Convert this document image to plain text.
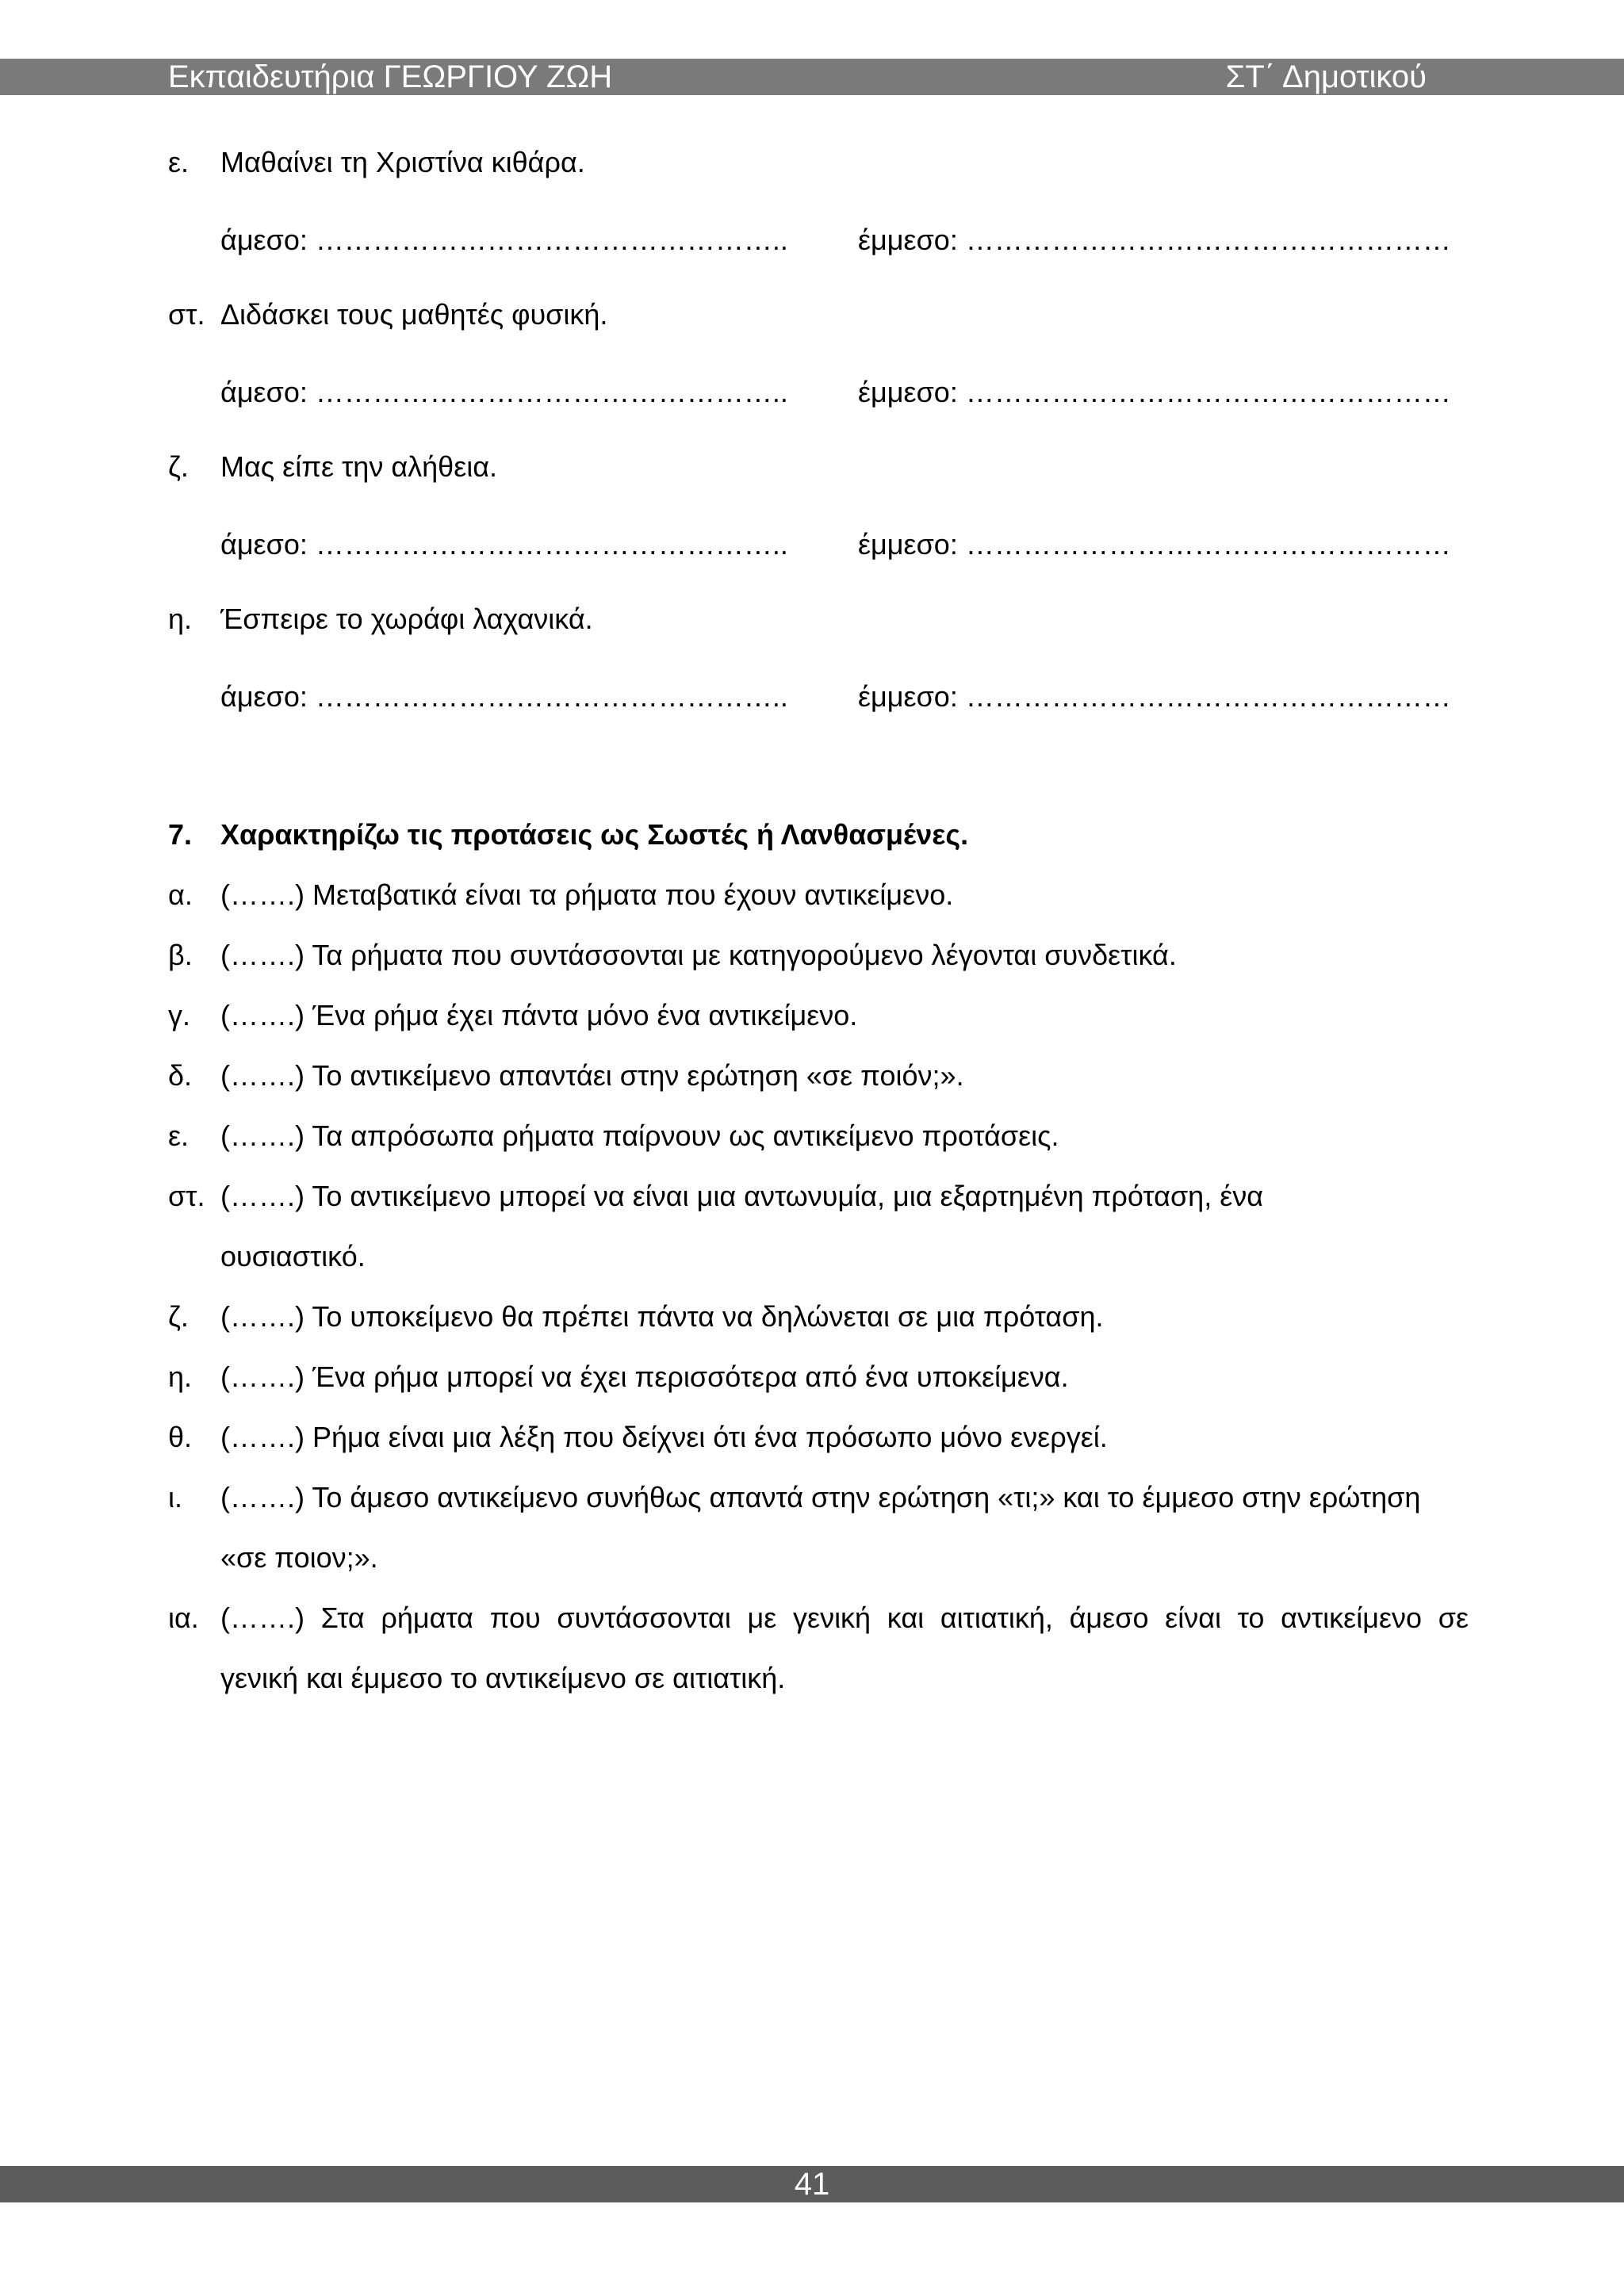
Εκπαιδευτήρια ΓΕΩΡΓΙΟΥ ΖΩΗ	ΣΤ΄ Δημοτικού
ε. Μαθαίνει τη Χριστίνα κιθάρα.
άμεσο: ………………………………………….. έμμεσο: ……………………………………………
στ. Διδάσκει τους μαθητές φυσική.
άμεσο: ………………………………………….. έμμεσο: ……………………………………………
ζ. Μας είπε την αλήθεια.
άμεσο: ………………………………………….. έμμεσο: ……………………………………………
η. Έσπειρε το χωράφι λαχανικά.
άμεσο: ………………………………………….. έμμεσο: ……………………………………………
7. Χαρακτηρίζω τις προτάσεις ως Σωστές ή Λανθασμένες.
α. (…….) Μεταβατικά είναι τα ρήματα που έχουν αντικείμενο.
β. (…….) Τα ρήματα που συντάσσονται με κατηγορούμενο λέγονται συνδετικά.
γ. (…….) Ένα ρήμα έχει πάντα μόνο ένα αντικείμενο.
δ. (…….) Το αντικείμενο απαντάει στην ερώτηση «σε ποιόν;».
ε. (…….) Τα απρόσωπα ρήματα παίρνουν ως αντικείμενο προτάσεις.
στ. (…….) Το αντικείμενο μπορεί να είναι μια αντωνυμία, μια εξαρτημένη πρόταση, ένα
ουσιαστικό.
ζ. (…….) Το υποκείμενο θα πρέπει πάντα να δηλώνεται σε μια πρόταση.
η. (…….) Ένα ρήμα μπορεί να έχει περισσότερα από ένα υποκείμενα.
θ. (…….) Ρήμα είναι μια λέξη που δείχνει ότι ένα πρόσωπο μόνο ενεργεί.
ι. (…….) Το άμεσο αντικείμενο συνήθως απαντά στην ερώτηση «τι;» και το έμμεσο στην ερώτηση
«σε ποιον;».
ια. (…….) Στα ρήματα που συντάσσονται με γενική και αιτιατική, άμεσο είναι το αντικείμενο σε
γενική και έμμεσο το αντικείμενο σε αιτιατική.
41
